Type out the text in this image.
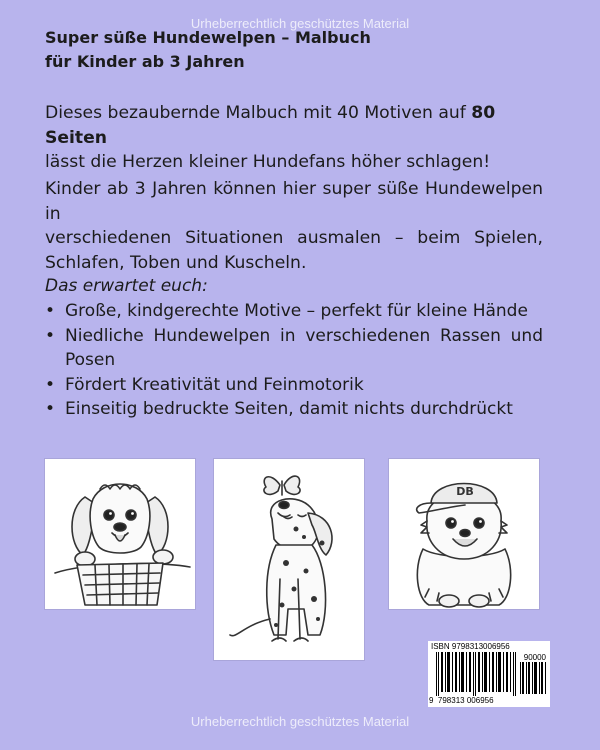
Urheberrechtlich geschütztes Material
Super süße Hundewelpen – Malbuch
für Kinder ab 3 Jahren
Dieses bezaubernde Malbuch mit 40 Motiven auf 80 Seiten
lässt die Herzen kleiner Hundefans höher schlagen!
Kinder ab 3 Jahren können hier super süße Hundewelpen in
verschiedenen Situationen ausmalen – beim Spielen,
Schlafen, Toben und Kuscheln.
Das erwartet euch:
• Große, kindgerechte Motive – perfekt für kleine Hände
• Niedliche Hundewelpen in verschiedenen Rassen und Posen
• Fördert Kreativität und Feinmotorik
• Einseitig bedruckte Seiten, damit nichts durchdrückt
DB
ISBN 9798313006956
90000
9 798313 006956
Urheberrechtlich geschütztes Material
